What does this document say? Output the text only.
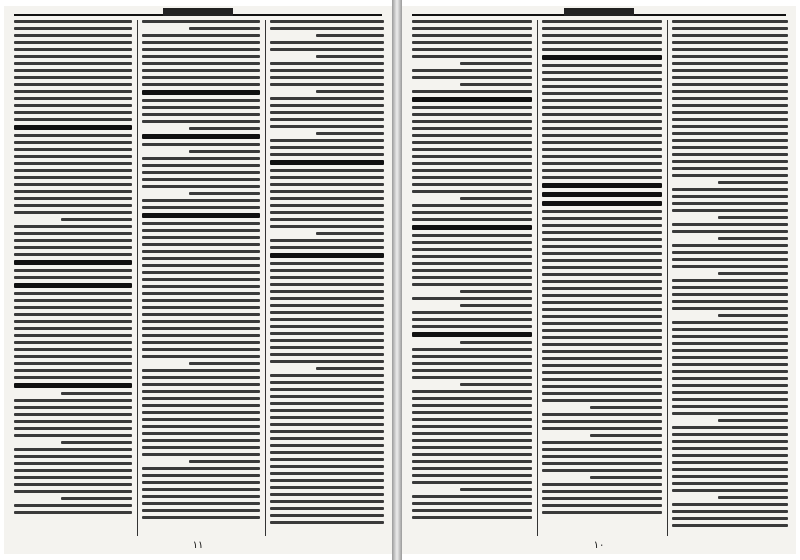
۱۱	۱۰
